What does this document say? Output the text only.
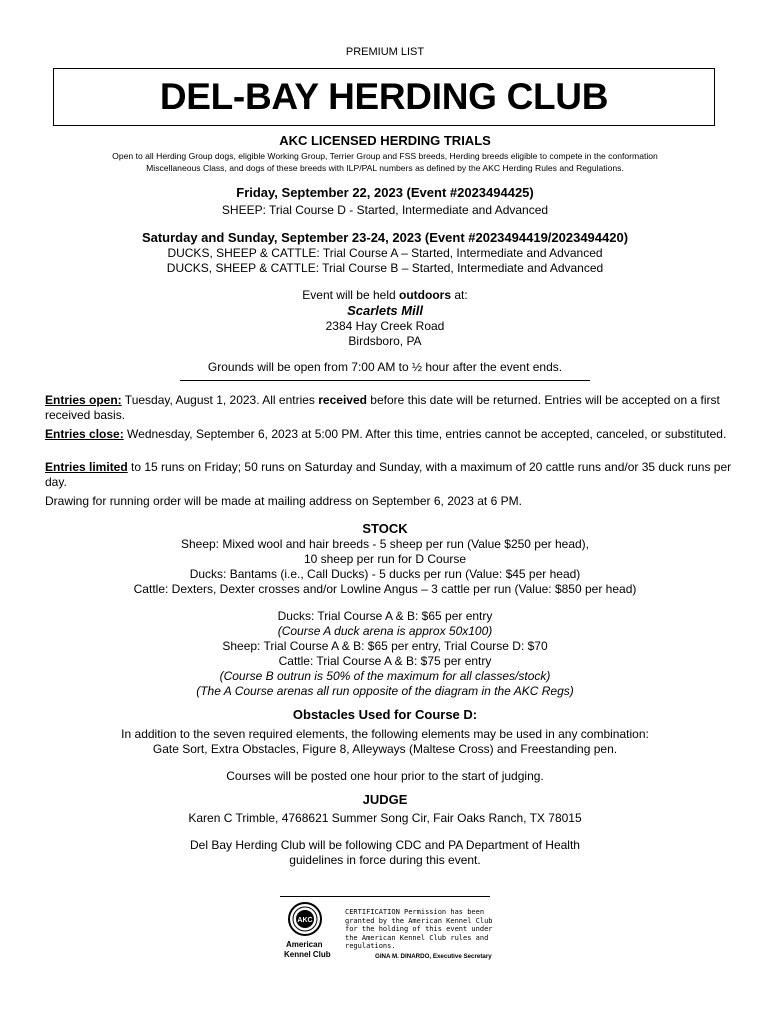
PREMIUM LIST
DEL-BAY HERDING CLUB
AKC LICENSED HERDING TRIALS
Open to all Herding Group dogs, eligible Working Group, Terrier Group and FSS breeds, Herding breeds eligible to compete in the conformation
Miscellaneous Class, and dogs of these breeds with ILP/PAL numbers as defined by the AKC Herding Rules and Regulations.
Friday, September 22, 2023 (Event #2023494425)
SHEEP: Trial Course D - Started, Intermediate and Advanced
Saturday and Sunday, September 23-24, 2023 (Event #2023494419/2023494420)
DUCKS, SHEEP & CATTLE: Trial Course A – Started, Intermediate and Advanced
DUCKS, SHEEP & CATTLE: Trial Course B – Started, Intermediate and Advanced
Event will be held outdoors at:
Scarlets Mill
2384 Hay Creek Road
Birdsboro, PA
Grounds will be open from 7:00 AM to ½ hour after the event ends.
Entries open: Tuesday, August 1, 2023. All entries received before this date will be returned. Entries will be accepted on a first received basis.
Entries close: Wednesday, September 6, 2023 at 5:00 PM. After this time, entries cannot be accepted, canceled, or substituted.
Entries limited to 15 runs on Friday; 50 runs on Saturday and Sunday, with a maximum of 20 cattle runs and/or 35 duck runs per day.
Drawing for running order will be made at mailing address on September 6, 2023 at 6 PM.
STOCK
Sheep: Mixed wool and hair breeds - 5 sheep per run (Value $250 per head),
10 sheep per run for D Course
Ducks: Bantams (i.e., Call Ducks) - 5 ducks per run (Value: $45 per head)
Cattle: Dexters, Dexter crosses and/or Lowline Angus – 3 cattle per run (Value: $850 per head)
Ducks: Trial Course A & B: $65 per entry
(Course A duck arena is approx 50x100)
Sheep: Trial Course A & B: $65 per entry, Trial Course D: $70
Cattle: Trial Course A & B: $75 per entry
(Course B outrun is 50% of the maximum for all classes/stock)
(The A Course arenas all run opposite of the diagram in the AKC Regs)
Obstacles Used for Course D:
In addition to the seven required elements, the following elements may be used in any combination:
Gate Sort, Extra Obstacles, Figure 8, Alleyways (Maltese Cross) and Freestanding pen.
Courses will be posted one hour prior to the start of judging.
JUDGE
Karen C Trimble, 4768621 Summer Song Cir, Fair Oaks Ranch, TX 78015
Del Bay Herding Club will be following CDC and PA Department of Health
guidelines in force during this event.
AKC
American
Kennel Club
CERTIFICATION Permission has been granted by the American Kennel Club for the holding of this event under the American Kennel Club rules and regulations.
GINA M. DINARDO, Executive Secretary
